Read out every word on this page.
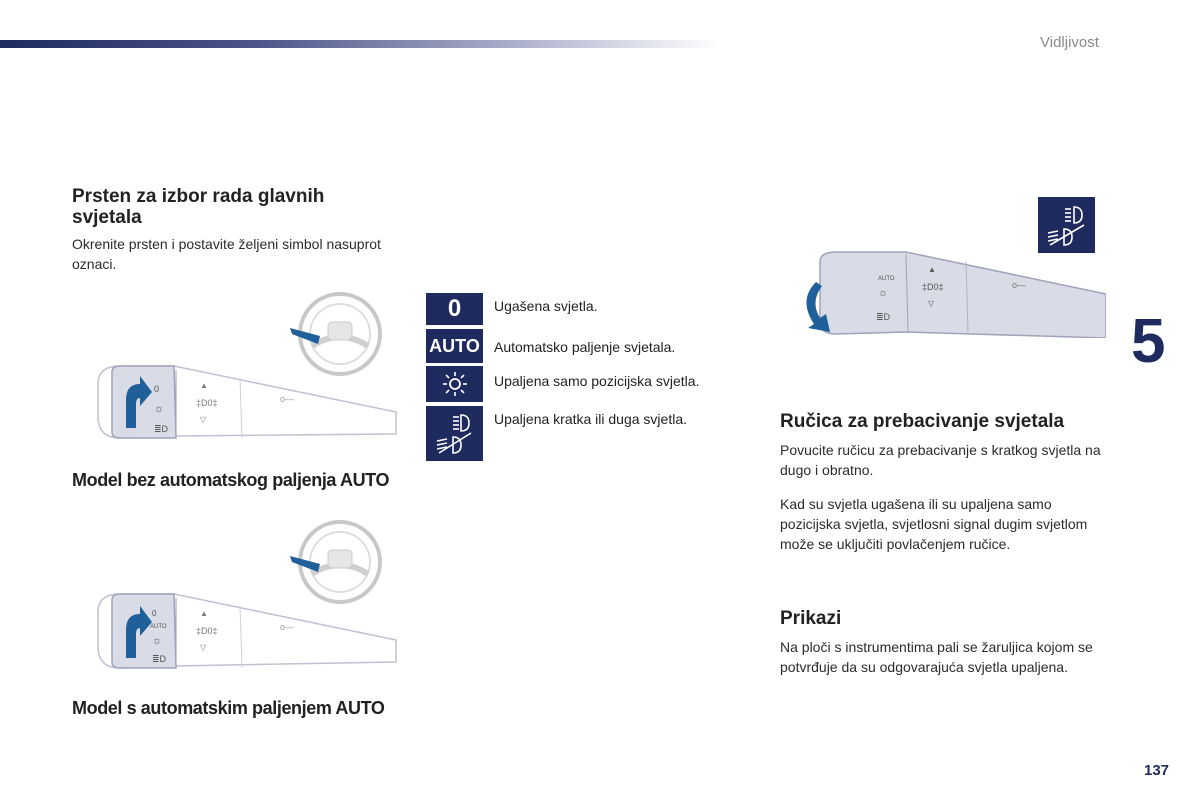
Vidljivost
5
137
Prsten za izbor rada glavnih svjetala

Okrenite prsten i postavite željeni simbol nasuprot oznaci.

0
☼
≣D
▲
‡D0‡
▽
o—
Model bez automatskog paljenja AUTO
0
AUTO
☼
≣D
▲
‡D0‡
▽
o—
Model s automatskim paljenjem AUTO
0 Ugašena svjetla.

AUTO Automatsko paljenje svjetala.

Upaljena samo pozicijska svjetla.

Upaljena kratka ili duga svjetla.

AUTO
☼
≣D
▲
‡D0‡
▽
o—
Ručica za prebacivanje svjetala

Povucite ručicu za prebacivanje s kratkog svjetla na dugo i obratno.

Kad su svjetla ugašena ili su upaljena samo pozicijska svjetla, svjetlosni signal dugim svjetlom može se uključiti povlačenjem ručice.

Prikazi

Na ploči s instrumentima pali se žaruljica kojom se potvrđuje da su odgovarajuća svjetla upaljena.
